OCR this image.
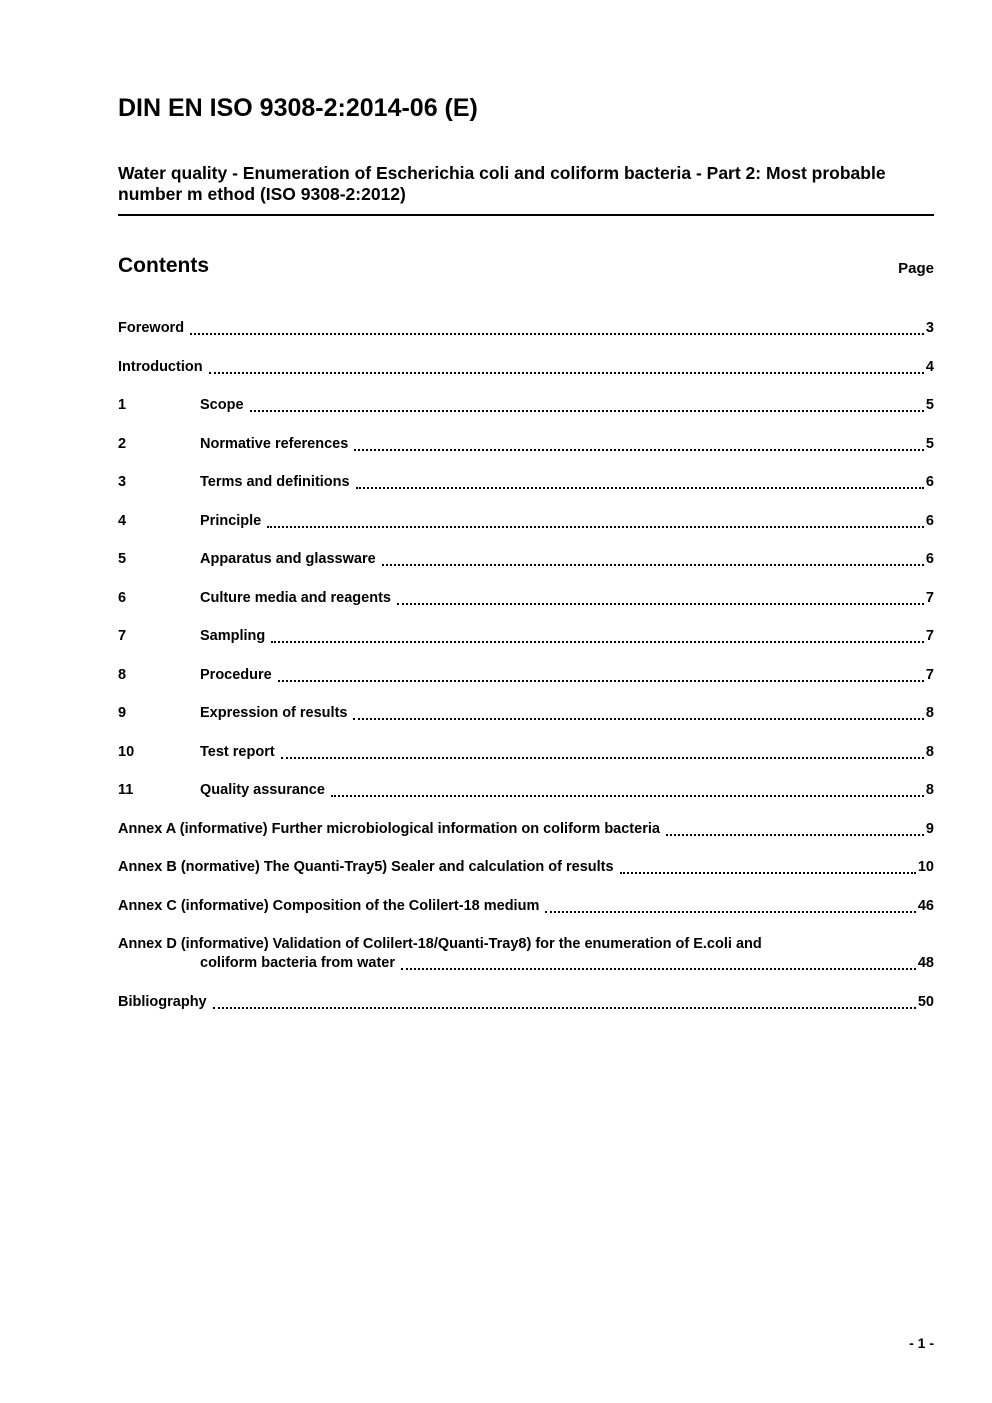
DIN EN ISO 9308-2:2014-06 (E)
Water quality - Enumeration of Escherichia coli and coliform bacteria - Part 2: Most probable number m ethod (ISO 9308-2:2012)
Contents	Page
Foreword	3
Introduction	4
1	Scope	5
2	Normative references	5
3	Terms and definitions	6
4	Principle	6
5	Apparatus and glassware	6
6	Culture media and reagents	7
7	Sampling	7
8	Procedure	7
9	Expression of results	8
10	Test report	8
11	Quality assurance	8
Annex A (informative) Further microbiological information on coliform bacteria	9
Annex B (normative) The Quanti-Tray5) Sealer and calculation of results	10
Annex C (informative) Composition of the Colilert-18 medium	46
Annex D (informative) Validation of Colilert-18/Quanti-Tray8) for the enumeration of E.coli and
coliform bacteria from water	48
Bibliography	50
- 1 -
